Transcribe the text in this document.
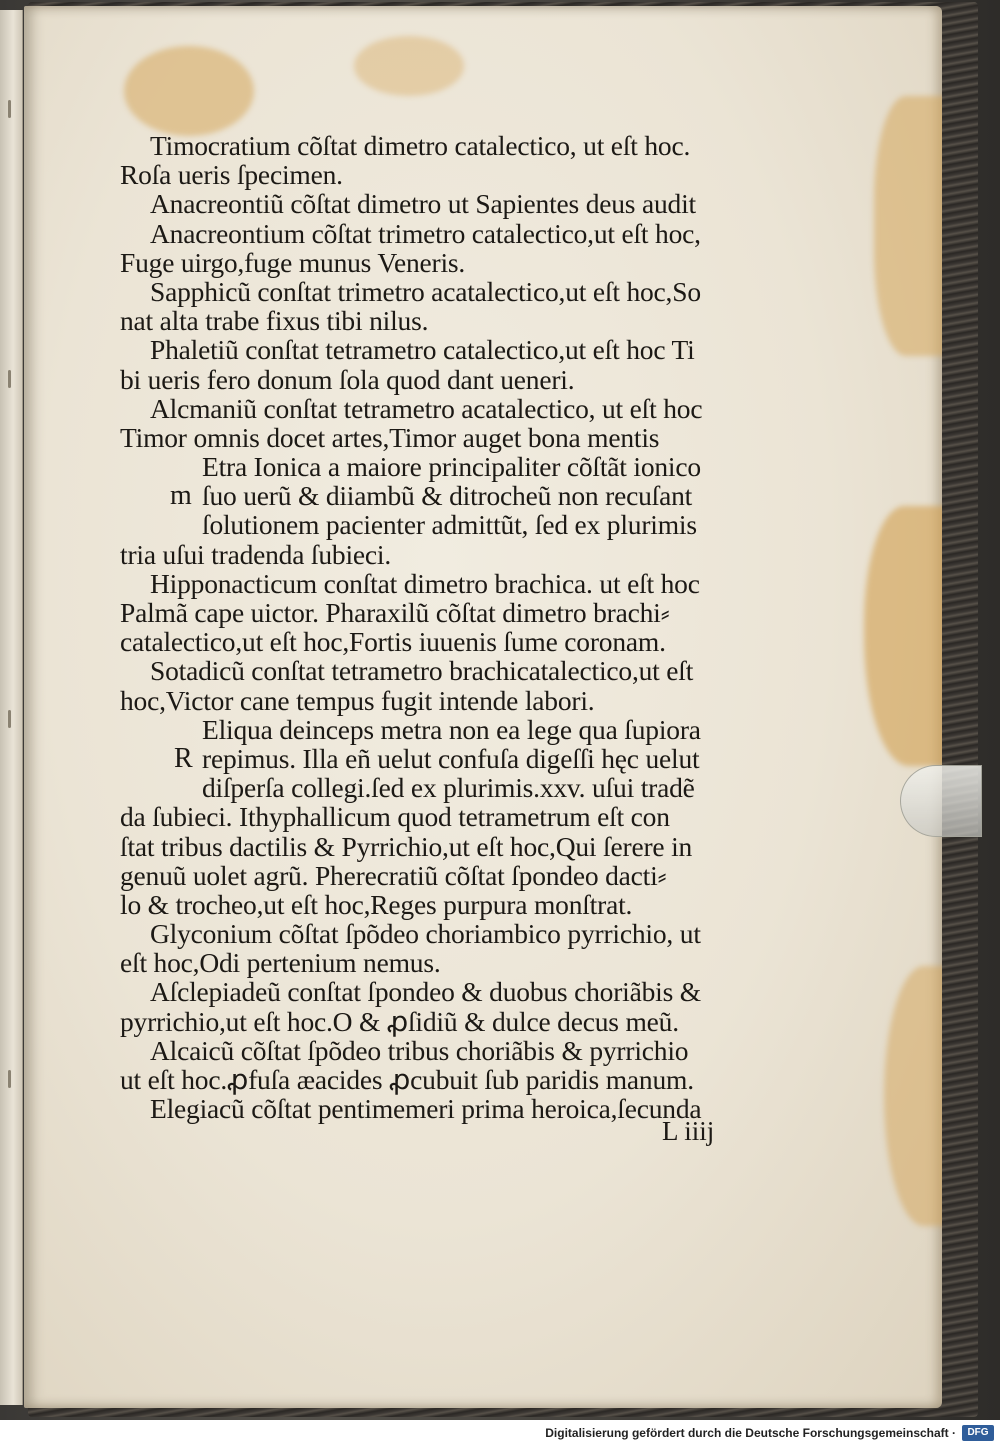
Timocratium cõſtat dimetro catalectico, ut eſt hoc.
Roſa ueris ſpecimen.
Anacreontiũ cõſtat dimetro ut Sapientes deus audit
Anacreontium cõſtat trimetro catalectico,ut eſt hoc,
Fuge uirgo,fuge munus Veneris.
Sapphicũ conſtat trimetro acatalectico,ut eſt hoc,So
nat alta trabe fixus tibi nilus.
Phaletiũ conſtat tetrametro catalectico,ut eſt hoc Ti
bi ueris fero donum ſola quod dant ueneri.
Alcmaniũ conſtat tetrametro acatalectico, ut eſt hoc
Timor omnis docet artes,Timor auget bona mentis
Etra Ionica a maiore principaliter cõſtãt ionico
m ſuo uerũ & diiambũ & ditrocheũ non recuſant
ſolutionem pacienter admittũt, ſed ex plurimis
tria uſui tradenda ſubieci.
Hipponacticum conſtat dimetro brachica. ut eſt hoc
Palmã cape uictor. Pharaxilũ cõſtat dimetro brachi⸗
catalectico,ut eſt hoc,Fortis iuuenis ſume coronam.
Sotadicũ conſtat tetrametro brachicatalectico,ut eſt
hoc,Victor cane tempus fugit intende labori.
Eliqua deinceps metra non ea lege qua ſupiora
R repimus. Illa eñ uelut confuſa digeſſi hęc uelut
diſperſa collegi.ſed ex plurimis.xxv. uſui tradẽ
da ſubieci. Ithyphallicum quod tetrametrum eſt con
ſtat tribus dactilis & Pyrrichio,ut eſt hoc,Qui ſerere in
genuũ uolet agrũ. Pherecratiũ cõſtat ſpondeo dacti⸗
lo & trocheo,ut eſt hoc,Reges purpura monſtrat.
Glyconium cõſtat ſpõdeo choriambico pyrrichio, ut
eſt hoc,Odi pertenium nemus.
Aſclepiadeũ conſtat ſpondeo & duobus choriãbis &
pyrrichio,ut eſt hoc.O & ꝓſidiũ & dulce decus meũ.
Alcaicũ cõſtat ſpõdeo tribus choriãbis & pyrrichio
ut eſt hoc.ꝓfuſa æacides ꝓcubuit ſub paridis manum.
Elegiacũ cõſtat pentimemeri prima heroica,ſecunda
L iiij
Digitalisierung gefördert durch die Deutsche Forschungsgemeinschaft ·	DFG
